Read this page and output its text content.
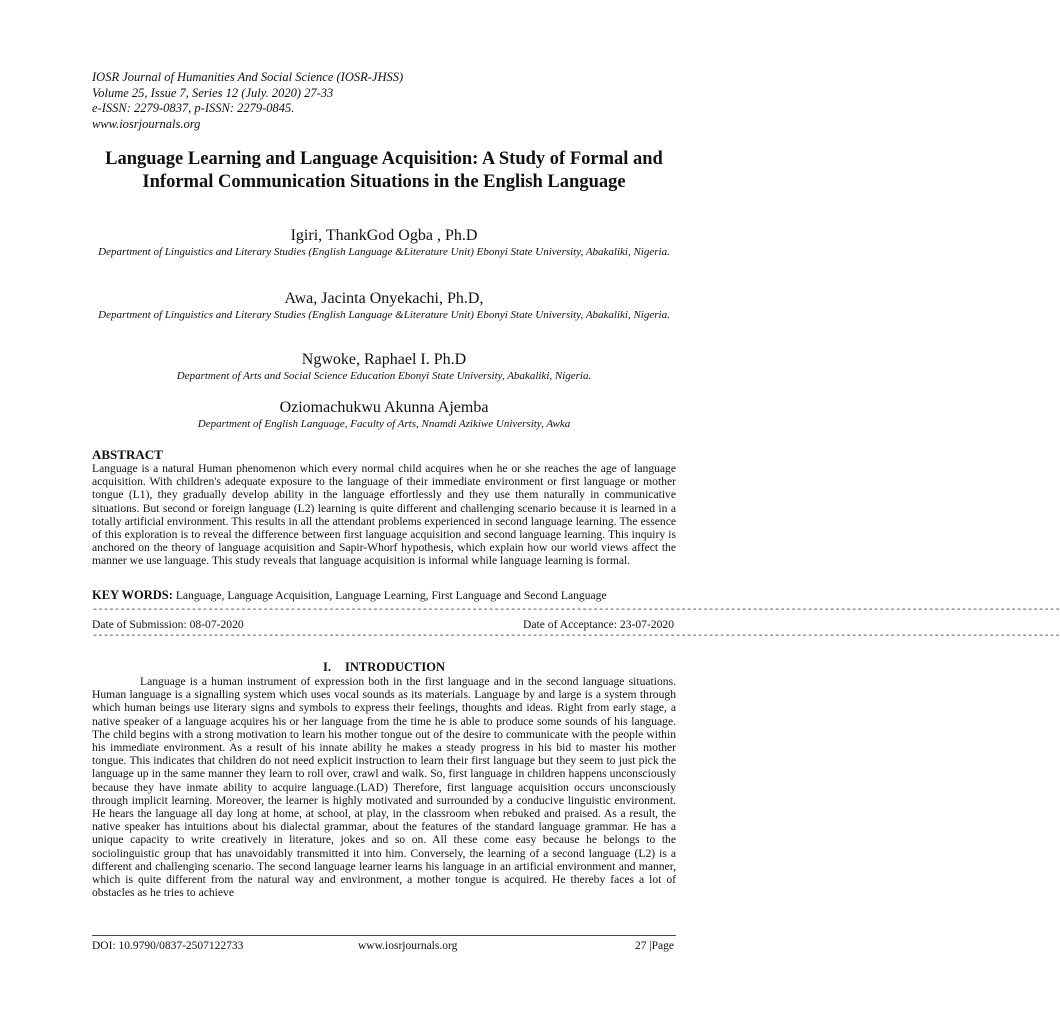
IOSR Journal of Humanities And Social Science (IOSR-JHSS)
Volume 25, Issue 7, Series 12 (July. 2020) 27-33
e-ISSN: 2279-0837, p-ISSN: 2279-0845.
www.iosrjournals.org
Language Learning and Language Acquisition: A Study of Formal and Informal Communication Situations in the English Language
Igiri, ThankGod Ogba , Ph.D
Department of Linguistics and Literary Studies (English Language &Literature Unit) Ebonyi State University, Abakaliki, Nigeria.
Awa, Jacinta Onyekachi, Ph.D,
Department of Linguistics and Literary Studies (English Language &Literature Unit) Ebonyi State University, Abakaliki, Nigeria.
Ngwoke, Raphael I. Ph.D
Department of Arts and Social Science Education Ebonyi State University, Abakaliki, Nigeria.
Oziomachukwu Akunna Ajemba
Department of English Language, Faculty of Arts, Nnamdi Azikiwe University, Awka
ABSTRACT

Language is a natural Human phenomenon which every normal child acquires when he or she reaches the age of language acquisition. With children's adequate exposure to the language of their immediate environment or first language or mother tongue (L1), they gradually develop ability in the language effortlessly and they use them naturally in communicative situations. But second or foreign language (L2) learning is quite different and challenging scenario because it is learned in a totally artificial environment. This results in all the attendant problems experienced in second language learning. The essence of this exploration is to reveal the difference between first language acquisition and second language learning. This inquiry is anchored on the theory of language acquisition and Sapir-Whorf hypothesis, which explain how our world views affect the manner we use language. This study reveals that language acquisition is informal while language learning is formal.

KEY WORDS: Language, Language Acquisition, Language Learning, First Language and Second Language
--------------------------------------------------------------------------------------------------------------------------------------------------------------------------------
Date of Submission: 08-07-2020	Date of Acceptance: 23-07-2020
--------------------------------------------------------------------------------------------------------------------------------------------------------------------------------
I. INTRODUCTION

Language is a human instrument of expression both in the first language and in the second language situations. Human language is a signalling system which uses vocal sounds as its materials. Language by and large is a system through which human beings use literary signs and symbols to express their feelings, thoughts and ideas. Right from early stage, a native speaker of a language acquires his or her language from the time he is able to produce some sounds of his language. The child begins with a strong motivation to learn his mother tongue out of the desire to communicate with the people within his immediate environment. As a result of his innate ability he makes a steady progress in his bid to master his mother tongue. This indicates that children do not need explicit instruction to learn their first language but they seem to just pick the language up in the same manner they learn to roll over, crawl and walk. So, first language in children happens unconsciously because they have inmate ability to acquire language.(LAD) Therefore, first language acquisition occurs unconsciously through implicit learning. Moreover, the learner is highly motivated and surrounded by a conducive linguistic environment. He hears the language all day long at home, at school, at play, in the classroom when rebuked and praised. As a result, the native speaker has intuitions about his dialectal grammar, about the features of the standard language grammar. He has a unique capacity to write creatively in literature, jokes and so on. All these come easy because he belongs to the sociolinguistic group that has unavoidably transmitted it into him. Conversely, the learning of a second language (L2) is a different and challenging scenario. The second language learner learns his language in an artificial environment and manner, which is quite different from the natural way and environment, a mother tongue is acquired. He thereby faces a lot of obstacles as he tries to achieve

DOI: 10.9790/0837-2507122733	www.iosrjournals.org	27 |Page
